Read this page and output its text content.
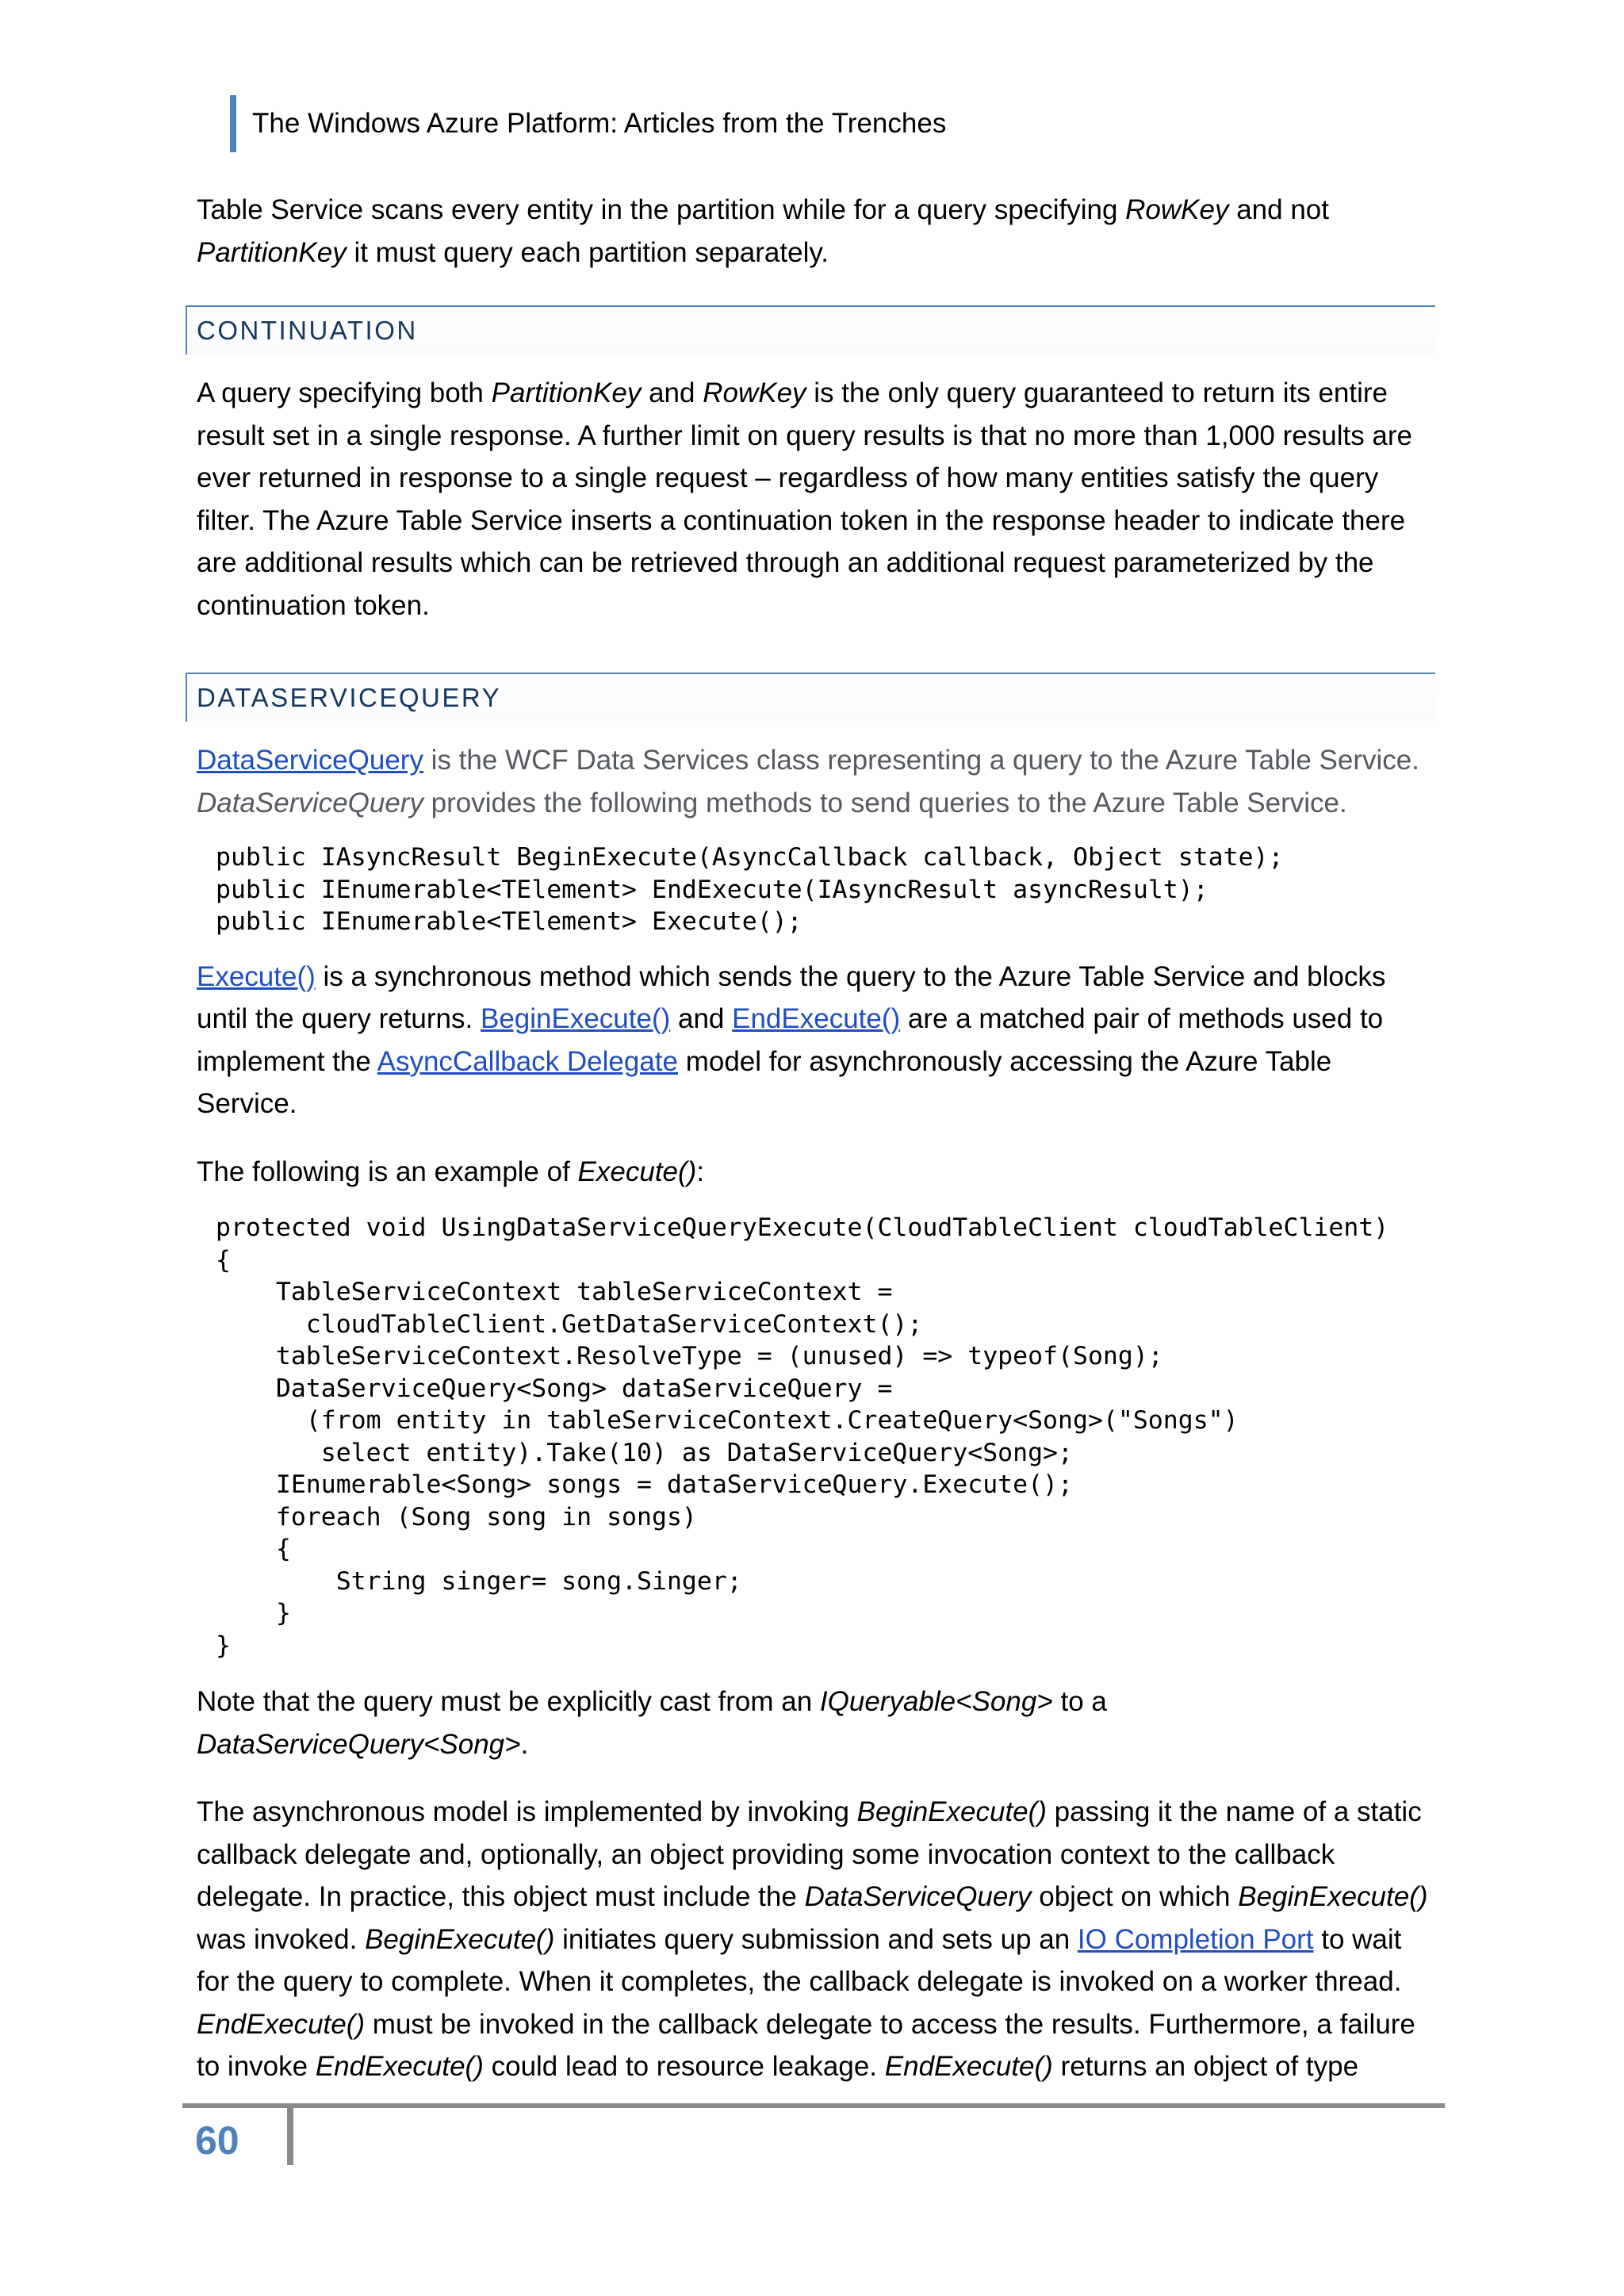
The Windows Azure Platform: Articles from the Trenches

Table Service scans every entity in the partition while for a query specifying RowKey and not PartitionKey it must query each partition separately.

CONTINUATION

A query specifying both PartitionKey and RowKey is the only query guaranteed to return its entire result set in a single response. A further limit on query results is that no more than 1,000 results are ever returned in response to a single request – regardless of how many entities satisfy the query filter. The Azure Table Service inserts a continuation token in the response header to indicate there are additional results which can be retrieved through an additional request parameterized by the continuation token.

DATASERVICEQUERY

DataServiceQuery is the WCF Data Services class representing a query to the Azure Table Service. DataServiceQuery provides the following methods to send queries to the Azure Table Service.

public IAsyncResult BeginExecute(AsyncCallback callback, Object state);
public IEnumerable<TElement> EndExecute(IAsyncResult asyncResult);
public IEnumerable<TElement> Execute();

Execute() is a synchronous method which sends the query to the Azure Table Service and blocks until the query returns. BeginExecute() and EndExecute() are a matched pair of methods used to implement the AsyncCallback Delegate model for asynchronously accessing the Azure Table Service.

The following is an example of Execute():

protected void UsingDataServiceQueryExecute(CloudTableClient cloudTableClient)
{
TableServiceContext tableServiceContext =
cloudTableClient.GetDataServiceContext();
tableServiceContext.ResolveType = (unused) => typeof(Song);
DataServiceQuery<Song> dataServiceQuery =
(from entity in tableServiceContext.CreateQuery<Song>("Songs")
select entity).Take(10) as DataServiceQuery<Song>;
IEnumerable<Song> songs = dataServiceQuery.Execute();
foreach (Song song in songs)
{
String singer= song.Singer;
}
}

Note that the query must be explicitly cast from an IQueryable<Song> to a DataServiceQuery<Song>.

The asynchronous model is implemented by invoking BeginExecute() passing it the name of a static callback delegate and, optionally, an object providing some invocation context to the callback delegate. In practice, this object must include the DataServiceQuery object on which BeginExecute() was invoked. BeginExecute() initiates query submission and sets up an IO Completion Port to wait for the query to complete. When it completes, the callback delegate is invoked on a worker thread. EndExecute() must be invoked in the callback delegate to access the results. Furthermore, a failure to invoke EndExecute() could lead to resource leakage. EndExecute() returns an object of type

60
